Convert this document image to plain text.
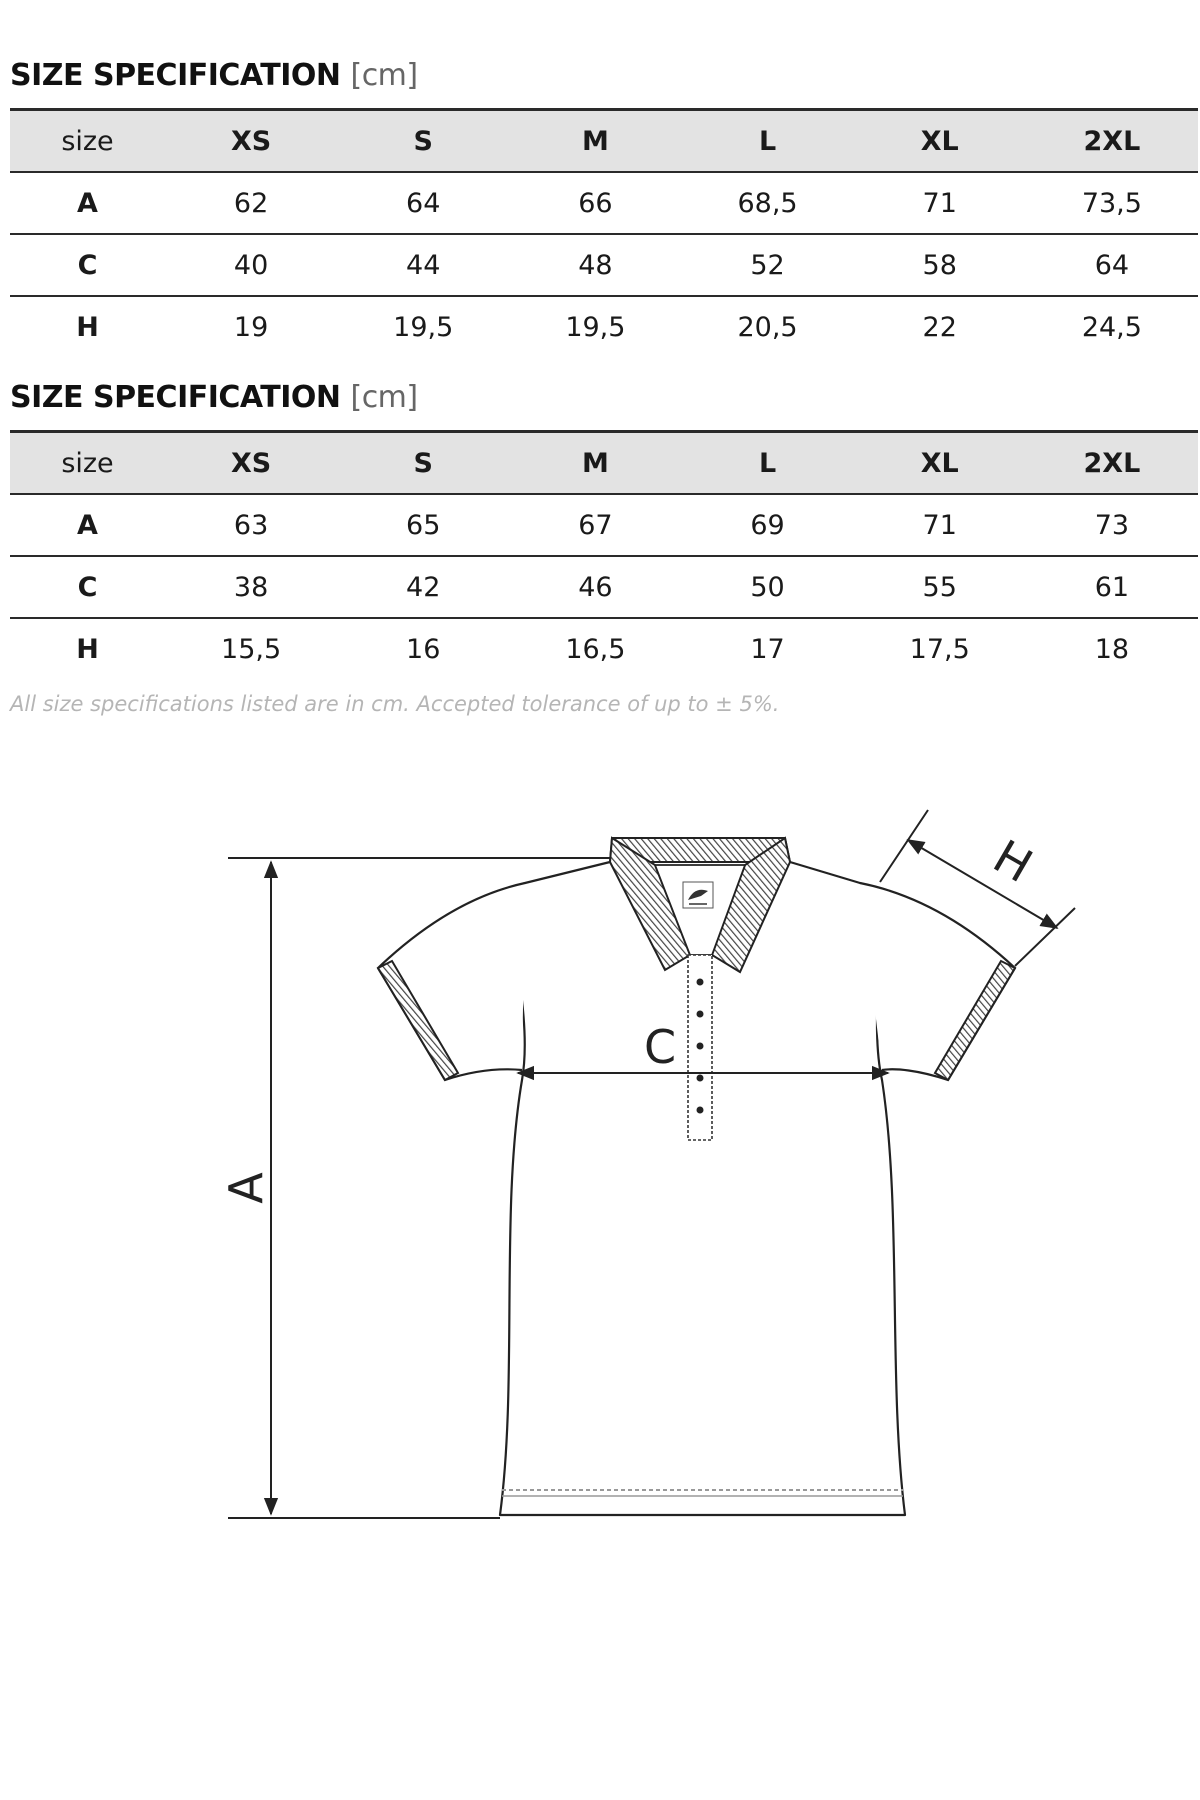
SIZE SPECIFICATION [cm]
size	XS	S	M	L	XL	2XL
A	62	64	66	68,5	71	73,5
C	40	44	48	52	58	64
H	19	19,5	19,5	20,5	22	24,5
SIZE SPECIFICATION [cm]
size	XS	S	M	L	XL	2XL
A	63	65	67	69	71	73
C	38	42	46	50	55	61
H	15,5	16	16,5	17	17,5	18

All size specifications listed are in cm. Accepted tolerance of up to ± 5%.

A
C
H
